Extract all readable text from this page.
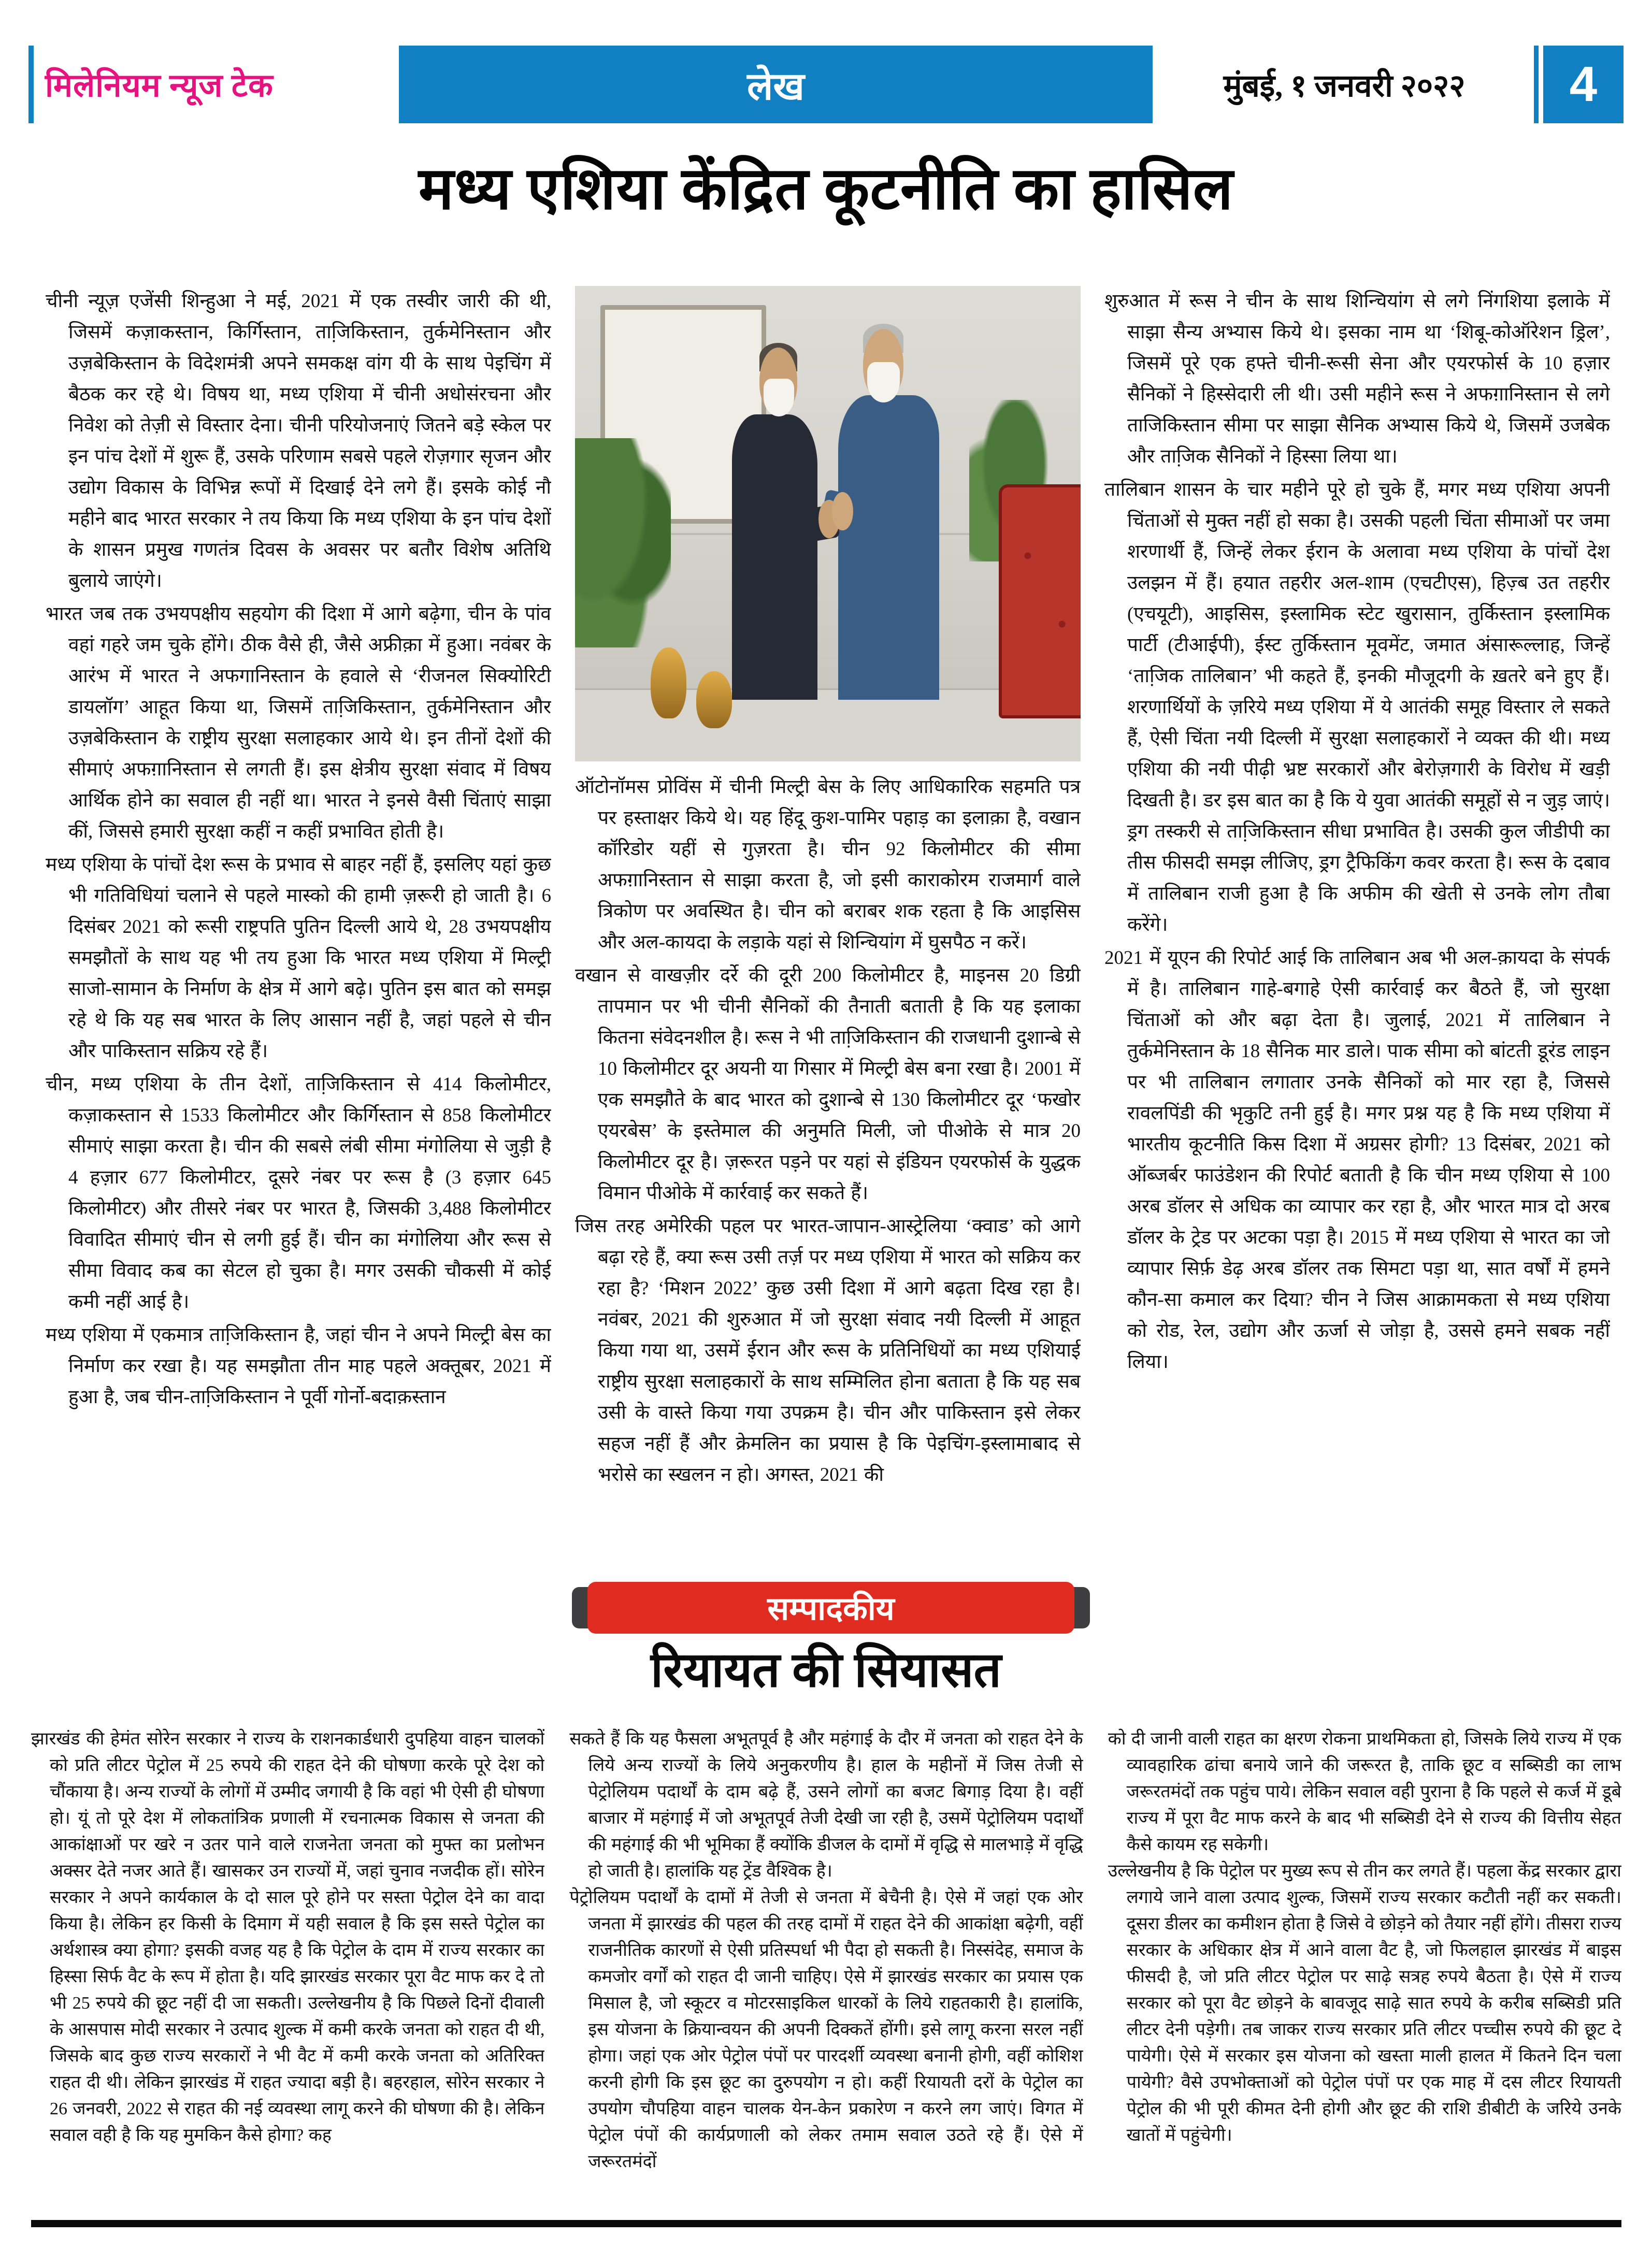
मिलेनियम न्यूज टेक	लेख	मुंबई, १ जनवरी २०२२	4
मध्य एशिया केंद्रित कूटनीति का हासिल

चीनी न्यूज़ एजेंसी शिन्हुआ ने मई, 2021 में एक तस्वीर जारी की थी, जिसमें कज़ाकस्तान, किर्गिस्तान, ताजि़किस्तान, तुर्कमेनिस्तान और उज़बेकिस्तान के विदेशमंत्री अपने समकक्ष वांग यी के साथ पेइचिंग में बैठक कर रहे थे। विषय था, मध्य एशिया में चीनी अधोसंरचना और निवेश को तेज़ी से विस्तार देना। चीनी परियोजनाएं जितने बड़े स्केल पर इन पांच देशों में शुरू हैं, उसके परिणाम सबसे पहले रोज़गार सृजन और उद्योग विकास के विभिन्न रूपों में दिखाई देने लगे हैं। इसके कोई नौ महीने बाद भारत सरकार ने तय किया कि मध्य एशिया के इन पांच देशों के शासन प्रमुख गणतंत्र दिवस के अवसर पर बतौर विशेष अतिथि बुलाये जाएंगे।

भारत जब तक उभयपक्षीय सहयोग की दिशा में आगे बढ़ेगा, चीन के पांव वहां गहरे जम चुके होंगे। ठीक वैसे ही, जैसे अफ्रीक़ा में हुआ। नवंबर के आरंभ में भारत ने अफगानिस्तान के हवाले से ‘रीजनल सिक्योरिटी डायलॉग’ आहूत किया था, जिसमें ताजि़किस्तान, तुर्कमेनिस्तान और उज़बेकिस्तान के राष्ट्रीय सुरक्षा सलाहकार आये थे। इन तीनों देशों की सीमाएं अफग़ानिस्तान से लगती हैं। इस क्षेत्रीय सुरक्षा संवाद में विषय आर्थिक होने का सवाल ही नहीं था। भारत ने इनसे वैसी चिंताएं साझा कीं, जिससे हमारी सुरक्षा कहीं न कहीं प्रभावित होती है।

मध्य एशिया के पांचों देश रूस के प्रभाव से बाहर नहीं हैं, इसलिए यहां कुछ भी गतिविधियां चलाने से पहले मास्को की हामी ज़रूरी हो जाती है। 6 दिसंबर 2021 को रूसी राष्ट्रपति पुतिन दिल्ली आये थे, 28 उभयपक्षीय समझौतों के साथ यह भी तय हुआ कि भारत मध्य एशिया में मिल्ट्री साजो-सामान के निर्माण के क्षेत्र में आगे बढ़े। पुतिन इस बात को समझ रहे थे कि यह सब भारत के लिए आसान नहीं है, जहां पहले से चीन और पाकिस्तान सक्रिय रहे हैं।

चीन, मध्य एशिया के तीन देशों, ताजि़किस्तान से 414 किलोमीटर, कज़ाकस्तान से 1533 किलोमीटर और किर्गिस्तान से 858 किलोमीटर सीमाएं साझा करता है। चीन की सबसे लंबी सीमा मंगोलिया से जुड़ी है 4 हज़ार 677 किलोमीटर, दूसरे नंबर पर रूस है (3 हज़ार 645 किलोमीटर) और तीसरे नंबर पर भारत है, जिसकी 3,488 किलोमीटर विवादित सीमाएं चीन से लगी हुई हैं। चीन का मंगोलिया और रूस से सीमा विवाद कब का सेटल हो चुका है। मगर उसकी चौकसी में कोई कमी नहीं आई है।

मध्य एशिया में एकमात्र ताजि़किस्तान है, जहां चीन ने अपने मिल्ट्री बेस का निर्माण कर रखा है। यह समझौता तीन माह पहले अक्तूबर, 2021 में हुआ है, जब चीन-ताजि़किस्तान ने पूर्वी गोर्नो-बदाक़स्तान

ऑटोनॉमस प्रोविंस में चीनी मिल्ट्री बेस के लिए आधिकारिक सहमति पत्र पर हस्ताक्षर किये थे। यह हिंदू कुश-पामिर पहाड़ का इलाक़ा है, वखान कॉरिडोर यहीं से गुज़रता है। चीन 92 किलोमीटर की सीमा अफग़ानिस्तान से साझा करता है, जो इसी काराकोरम राजमार्ग वाले त्रिकोण पर अवस्थित है। चीन को बराबर शक रहता है कि आइसिस और अल-कायदा के लड़ाके यहां से शिन्चियांग में घुसपैठ न करें।

वखान से वाखज़ीर दर्रे की दूरी 200 किलोमीटर है, माइनस 20 डिग्री तापमान पर भी चीनी सैनिकों की तैनाती बताती है कि यह इलाका कितना संवेदनशील है। रूस ने भी ताजि़किस्तान की राजधानी दुशान्बे से 10 किलोमीटर दूर अयनी या गिसार में मिल्ट्री बेस बना रखा है। 2001 में एक समझौते के बाद भारत को दुशान्बे से 130 किलोमीटर दूर ‘फखोर एयरबेस’ के इस्तेमाल की अनुमति मिली, जो पीओके से मात्र 20 किलोमीटर दूर है। ज़रूरत पड़ने पर यहां से इंडियन एयरफोर्स के युद्धक विमान पीओके में कार्रवाई कर सकते हैं।

जिस तरह अमेरिकी पहल पर भारत-जापान-आस्ट्रेलिया ‘क्वाड’ को आगे बढ़ा रहे हैं, क्या रूस उसी तर्ज़ पर मध्य एशिया में भारत को सक्रिय कर रहा है? ‘मिशन 2022’ कुछ उसी दिशा में आगे बढ़ता दिख रहा है। नवंबर, 2021 की शुरुआत में जो सुरक्षा संवाद नयी दिल्ली में आहूत किया गया था, उसमें ईरान और रूस के प्रतिनिधियों का मध्य एशियाई राष्ट्रीय सुरक्षा सलाहकारों के साथ सम्मिलित होना बताता है कि यह सब उसी के वास्ते किया गया उपक्रम है। चीन और पाकिस्तान इसे लेकर सहज नहीं हैं और क्रेमलिन का प्रयास है कि पेइचिंग-इस्लामाबाद से भरोसे का स्खलन न हो। अगस्त, 2021 की

शुरुआत में रूस ने चीन के साथ शिन्चियांग से लगे निंगशिया इलाके में साझा सैन्य अभ्यास किये थे। इसका नाम था ‘शिबू-कोऑरेशन ड्रिल’, जिसमें पूरे एक हफ्ते चीनी-रूसी सेना और एयरफोर्स के 10 हज़ार सैनिकों ने हिस्सेदारी ली थी। उसी महीने रूस ने अफग़ानिस्तान से लगे ताजिकिस्तान सीमा पर साझा सैनिक अभ्यास किये थे, जिसमें उजबेक और ताजि़क सैनिकों ने हिस्सा लिया था।

तालिबान शासन के चार महीने पूरे हो चुके हैं, मगर मध्य एशिया अपनी चिंताओं से मुक्त नहीं हो सका है। उसकी पहली चिंता सीमाओं पर जमा शरणार्थी हैं, जिन्हें लेकर ईरान के अलावा मध्य एशिया के पांचों देश उलझन में हैं। हयात तहरीर अल-शाम (एचटीएस), हिज़्ब उत तहरीर (एचयूटी), आइसिस, इस्लामिक स्टेट खुरासान, तुर्किस्तान इस्लामिक पार्टी (टीआईपी), ईस्ट तुर्किस्तान मूवमेंट, जमात अंसारूल्लाह, जिन्हें ‘ताजि़क तालिबान’ भी कहते हैं, इनकी मौजूदगी के ख़तरे बने हुए हैं। शरणार्थियों के ज़रिये मध्य एशिया में ये आतंकी समूह विस्तार ले सकते हैं, ऐसी चिंता नयी दिल्ली में सुरक्षा सलाहकारों ने व्यक्त की थी। मध्य एशिया की नयी पीढ़ी भ्रष्ट सरकारों और बेरोज़गारी के विरोध में खड़ी दिखती है। डर इस बात का है कि ये युवा आतंकी समूहों से न जुड़ जाएं। ड्रग तस्करी से ताजि़किस्तान सीधा प्रभावित है। उसकी कुल जीडीपी का तीस फीसदी समझ लीजिए, ड्रग ट्रैफिकिंग कवर करता है। रूस के दबाव में तालिबान राजी हुआ है कि अफीम की खेती से उनके लोग तौबा करेंगे।

2021 में यूएन की रिपोर्ट आई कि तालिबान अब भी अल-क़ायदा के संपर्क में है। तालिबान गाहे-बगाहे ऐसी कार्रवाई कर बैठते हैं, जो सुरक्षा चिंताओं को और बढ़ा देता है। जुलाई, 2021 में तालिबान ने तुर्कमेनिस्तान के 18 सैनिक मार डाले। पाक सीमा को बांटती डूरंड लाइन पर भी तालिबान लगातार उनके सैनिकों को मार रहा है, जिससे रावलपिंडी की भृकुटि तनी हुई है। मगर प्रश्न यह है कि मध्य एशिया में भारतीय कूटनीति किस दिशा में अग्रसर होगी? 13 दिसंबर, 2021 को ऑब्जर्बर फाउंडेशन की रिपोर्ट बताती है कि चीन मध्य एशिया से 100 अरब डॉलर से अधिक का व्यापार कर रहा है, और भारत मात्र दो अरब डॉलर के ट्रेड पर अटका पड़ा है। 2015 में मध्य एशिया से भारत का जो व्यापार सिर्फ़ डेढ़ अरब डॉलर तक सिमटा पड़ा था, सात वर्षों में हमने कौन-सा कमाल कर दिया? चीन ने जिस आक्रामकता से मध्य एशिया को रोड, रेल, उद्योग और ऊर्जा से जोड़ा है, उससे हमने सबक नहीं लिया।

सम्पादकीय
रियायत की सियासत

झारखंड की हेमंत सोरेन सरकार ने राज्य के राशनकार्डधारी दुपहिया वाहन चालकों को प्रति लीटर पेट्रोल में 25 रुपये की राहत देने की घोषणा करके पूरे देश को चौंकाया है। अन्य राज्यों के लोगों में उम्मीद जगायी है कि वहां भी ऐसी ही घोषणा हो। यूं तो पूरे देश में लोकतांत्रिक प्रणाली में रचनात्मक विकास से जनता की आकांक्षाओं पर खरे न उतर पाने वाले राजनेता जनता को मुफ्त का प्रलोभन अक्सर देते नजर आते हैं। खासकर उन राज्यों में, जहां चुनाव नजदीक हों। सोरेन सरकार ने अपने कार्यकाल के दो साल पूरे होने पर सस्ता पेट्रोल देने का वादा किया है। लेकिन हर किसी के दिमाग में यही सवाल है कि इस सस्ते पेट्रोल का अर्थशास्त्र क्या होगा? इसकी वजह यह है कि पेट्रोल के दाम में राज्य सरकार का हिस्सा सिर्फ वैट के रूप में होता है। यदि झारखंड सरकार पूरा वैट माफ कर दे तो भी 25 रुपये की छूट नहीं दी जा सकती। उल्लेखनीय है कि पिछले दिनों दीवाली के आसपास मोदी सरकार ने उत्पाद शुल्क में कमी करके जनता को राहत दी थी, जिसके बाद कुछ राज्य सरकारों ने भी वैट में कमी करके जनता को अतिरिक्त राहत दी थी। लेकिन झारखंड में राहत ज्यादा बड़ी है। बहरहाल, सोरेन सरकार ने 26 जनवरी, 2022 से राहत की नई व्यवस्था लागू करने की घोषणा की है। लेकिन सवाल वही है कि यह मुमकिन कैसे होगा? कह

सकते हैं कि यह फैसला अभूतपूर्व है और महंगाई के दौर में जनता को राहत देने के लिये अन्य राज्यों के लिये अनुकरणीय है। हाल के महीनों में जिस तेजी से पेट्रोलियम पदार्थों के दाम बढ़े हैं, उसने लोगों का बजट बिगाड़ दिया है। वहीं बाजार में महंगाई में जो अभूतपूर्व तेजी देखी जा रही है, उसमें पेट्रोलियम पदार्थों की महंगाई की भी भूमिका हैं क्योंकि डीजल के दामों में वृद्धि से मालभाड़े में वृद्धि हो जाती है। हालांकि यह ट्रेंड वैश्विक है।

पेट्रोलियम पदार्थों के दामों में तेजी से जनता में बेचैनी है। ऐसे में जहां एक ओर जनता में झारखंड की पहल की तरह दामों में राहत देने की आकांक्षा बढ़ेगी, वहीं राजनीतिक कारणों से ऐसी प्रतिस्पर्धा भी पैदा हो सकती है। निस्संदेह, समाज के कमजोर वर्गों को राहत दी जानी चाहिए। ऐसे में झारखंड सरकार का प्रयास एक मिसाल है, जो स्कूटर व मोटरसाइकिल धारकों के लिये राहतकारी है। हालांकि, इस योजना के क्रियान्वयन की अपनी दिक्कतें होंगी। इसे लागू करना सरल नहीं होगा। जहां एक ओर पेट्रोल पंपों पर पारदर्शी व्यवस्था बनानी होगी, वहीं कोशिश करनी होगी कि इस छूट का दुरुपयोग न हो। कहीं रियायती दरों के पेट्रोल का उपयोग चौपहिया वाहन चालक येन-केन प्रकारेण न करने लग जाएं। विगत में पेट्रोल पंपों की कार्यप्रणाली को लेकर तमाम सवाल उठते रहे हैं। ऐसे में जरूरतमंदों

को दी जानी वाली राहत का क्षरण रोकना प्राथमिकता हो, जिसके लिये राज्य में एक व्यावहारिक ढांचा बनाये जाने की जरूरत है, ताकि छूट व सब्सिडी का लाभ जरूरतमंदों तक पहुंच पाये। लेकिन सवाल वही पुराना है कि पहले से कर्ज में डूबे राज्य में पूरा वैट माफ करने के बाद भी सब्सिडी देने से राज्य की वित्तीय सेहत कैसे कायम रह सकेगी।

उल्लेखनीय है कि पेट्रोल पर मुख्य रूप से तीन कर लगते हैं। पहला केंद्र सरकार द्वारा लगाये जाने वाला उत्पाद शुल्क, जिसमें राज्य सरकार कटौती नहीं कर सकती। दूसरा डीलर का कमीशन होता है जिसे वे छोड़ने को तैयार नहीं होंगे। तीसरा राज्य सरकार के अधिकार क्षेत्र में आने वाला वैट है, जो फिलहाल झारखंड में बाइस फीसदी है, जो प्रति लीटर पेट्रोल पर साढ़े सत्रह रुपये बैठता है। ऐसे में राज्य सरकार को पूरा वैट छोड़ने के बावजूद साढ़े सात रुपये के करीब सब्सिडी प्रति लीटर देनी पड़ेगी। तब जाकर राज्य सरकार प्रति लीटर पच्चीस रुपये की छूट दे पायेगी। ऐसे में सरकार इस योजना को खस्ता माली हालत में कितने दिन चला पायेगी? वैसे उपभोक्ताओं को पेट्रोल पंपों पर एक माह में दस लीटर रियायती पेट्रोल की भी पूरी कीमत देनी होगी और छूट की राशि डीबीटी के जरिये उनके खातों में पहुंचेगी।
